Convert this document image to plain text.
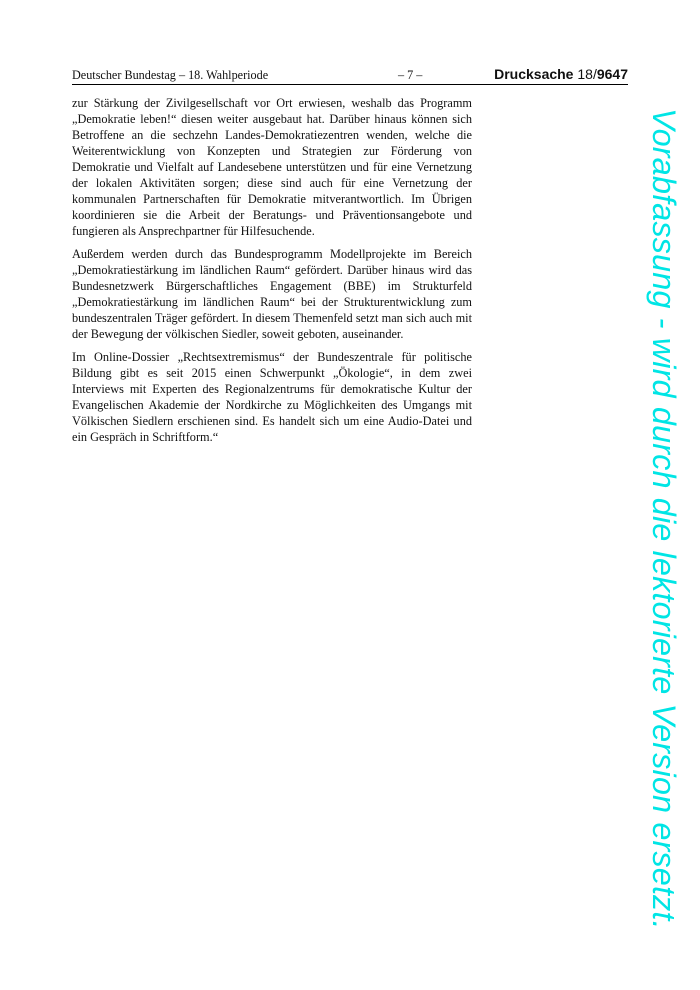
Deutscher Bundestag – 18. Wahlperiode	– 7 –	Drucksache 18/9647

zur Stärkung der Zivilgesellschaft vor Ort erwiesen, weshalb das Programm „Demokratie leben!“ diesen weiter ausgebaut hat. Darüber hinaus können sich Betroffene an die sechzehn Landes-Demokratiezentren wenden, welche die Weiterentwicklung von Konzepten und Strategien zur Förderung von Demokratie und Vielfalt auf Landesebene unterstützen und für eine Vernetzung der lokalen Aktivitäten sorgen; diese sind auch für eine Vernetzung der kommunalen Partnerschaften für Demokratie mitverantwortlich. Im Übrigen koordinieren sie die Arbeit der Beratungs- und Präventionsangebote und fungieren als Ansprechpartner für Hilfesuchende.

Außerdem werden durch das Bundesprogramm Modellprojekte im Bereich „Demokratiestärkung im ländlichen Raum“ gefördert. Darüber hinaus wird das Bundesnetzwerk Bürgerschaftliches Engagement (BBE) im Strukturfeld „Demokratiestärkung im ländlichen Raum“ bei der Strukturentwicklung zum bundeszentralen Träger gefördert. In diesem Themenfeld setzt man sich auch mit der Bewegung der völkischen Siedler, soweit geboten, auseinander.

Im Online-Dossier „Rechtsextremismus“ der Bundeszentrale für politische Bildung gibt es seit 2015 einen Schwerpunkt „Ökologie“, in dem zwei Interviews mit Experten des Regionalzentrums für demokratische Kultur der Evangelischen Akademie der Nordkirche zu Möglichkeiten des Umgangs mit Völkischen Siedlern erschienen sind. Es handelt sich um eine Audio-Datei und ein Gespräch in Schriftform.“	Vorabfassung - wird durch die lektorierte Version ersetzt.
